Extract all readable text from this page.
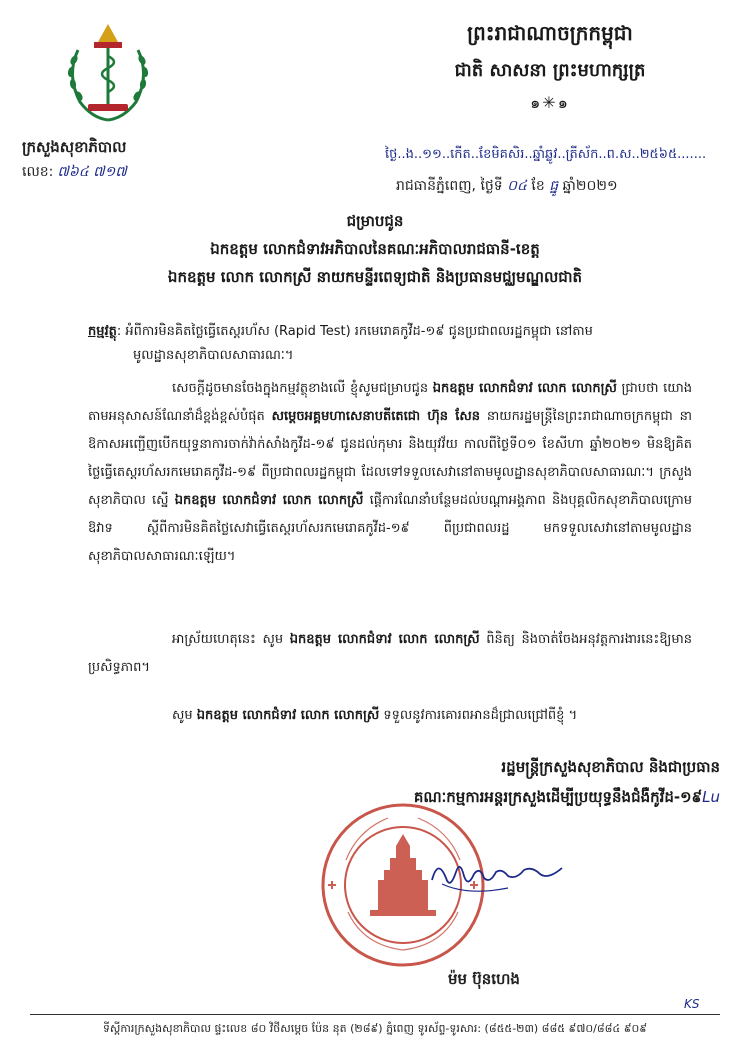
ក្រសួងសុខាភិបាល
លេខ: ៧៦៤ ៧១៧

ព្រះរាជាណាចក្រកម្ពុជា

ជាតិ សាសនា ព្រះមហាក្សត្រ

๑✳๑
ថ្ងៃ..ង..១១..កើត..ខែមិគសិរ..ឆ្នាំឆ្លូវ..ត្រីស័ក..ព.ស..២៥៦៥.......
រាជធានីភ្នំពេញ, ថ្ងៃទី ០៤ ខែ ធ្នូ ឆ្នាំ២០២១

ជម្រាបជូន

ឯកឧត្តម លោកជំទាវអភិបាលនៃគណៈអភិបាលរាជធានី-ខេត្ត

ឯកឧត្តម លោក លោកស្រី នាយកមន្ទីរពេទ្យជាតិ និងប្រធានមជ្ឈមណ្ឌលជាតិ

កម្មវត្ថុ: អំពីការមិនគិតថ្លៃធ្វើតេស្តរហ័ស (Rapid Test) រកមេរោគកូវីដ-១៩ ជូនប្រជាពលរដ្ឋកម្ពុជា នៅតាម
មូលដ្ឋានសុខាភិបាលសាធារណៈ។
សេចក្តីដូចមានចែងក្នុងកម្មវត្ថុខាងលើ ខ្ញុំសូមជម្រាបជូន ឯកឧត្តម លោកជំទាវ លោក លោកស្រី ជ្រាបថា យោងតាមអនុសាសន៍ណែនាំដ៏ខ្ពង់ខ្ពស់បំផុត សម្តេចអគ្គមហាសេនាបតីតេជោ ហ៊ុន សែន នាយករដ្ឋមន្ត្រីនៃព្រះរាជាណាចក្រកម្ពុជា នាឱកាសអញ្ជើញបើកយុទ្ធនាការចាក់វ៉ាក់សាំងកូវីដ-១៩ ជូនដល់កុមារ និងយុវវ័យ កាលពីថ្ងៃទី០១ ខែសីហា ឆ្នាំ២០២១ មិនឱ្យគិតថ្លៃធ្វើតេស្តរហ័សរកមេរោគកូវីដ-១៩ ពីប្រជាពលរដ្ឋកម្ពុជា ដែលទៅទទួលសេវានៅតាមមូលដ្ឋានសុខាភិបាលសាធារណៈ។ ក្រសួងសុខាភិបាល ស្នើ ឯកឧត្តម លោកជំទាវ លោក លោកស្រី ផ្តើការណែនាំបន្ថែមដល់បណ្តាអង្គភាព និងបុគ្គលិកសុខាភិបាលក្រោមឱវាទ ស្តីពីការមិនគិតថ្លៃសេវាធ្វើតេស្តរហ័សរកមេរោគកូវីដ-១៩ ពីប្រជាពលរដ្ឋ មកទទួលសេវានៅតាមមូលដ្ឋានសុខាភិបាលសាធារណៈឡើយ។
អាស្រ័យហេតុនេះ សូម ឯកឧត្តម លោកជំទាវ លោក លោកស្រី ពិនិត្យ និងចាត់ចែងអនុវត្តការងារនេះឱ្យមានប្រសិទ្ធភាព។
សូម ឯកឧត្តម លោកជំទាវ លោក លោកស្រី ទទួលនូវការគោរពអានដ៏ជ្រាលជ្រៅពីខ្ញុំ ។
រដ្ឋមន្ត្រីក្រសួងសុខាភិបាល និងជាប្រធាន
គណៈកម្មការអន្តរក្រសួងដើម្បីប្រយុទ្ធនឹងជំងឺកូវីដ-១៩Lu
ម៉ម ប៊ុនហេង
KS
ទីស្តីការក្រសួងសុខាភិបាល ផ្ទះលេខ ៨០ វិថីសម្តេច ប៉ែន នុត (២៨៩) ភ្នំពេញ ទូរស័ព្ទ-ទូរសារ: (៨៥៥-២៣) ៨៨៥ ៩៧០/៨៨៤ ៩០៩
